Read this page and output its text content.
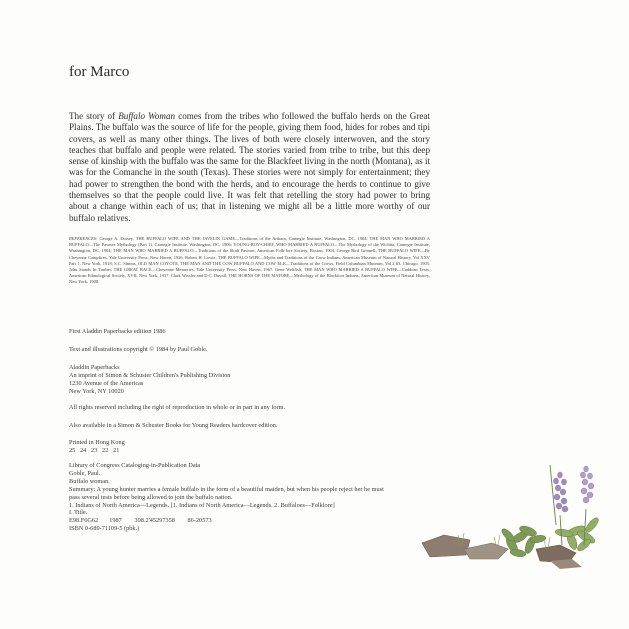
for Marco

The story of Buffalo Woman comes from the tribes who followed the buffalo herds on the Great Plains. The buffalo was the source of life for the people, giving them food, hides for robes and tipi covers, as well as many other things. The lives of both were closely interwoven, and the story teaches that buffalo and people were related. The stories varied from tribe to tribe, but this deep sense of kinship with the buffalo was the same for the Blackfeet living in the north (Montana), as it was for the Comanche in the south (Texas). These stories were not simply for entertainment; they had power to strengthen the bond with the herds, and to encourage the herds to continue to give themselves so that the people could live. It was felt that retelling the story had power to bring about a change within each of us; that in listening we might all be a little more worthy of our buffalo relatives.

REFERENCES: George A. Dorsey, THE BUFFALO WIFE AND THE JAVELIN GAME—Traditions of the Arikara, Carnegie Institute, Washington, DC, 1904; THE MAN WHO MARRIED A BUFFALO—The Pawnee Mythology (Part 1), Carnegie Institute, Washington, DC, 1906; YOUNG-BOY-CHIEF, WHO MARRIED A BUFFALO—The Mythology of the Wichita, Carnegie Institute, Washington, DC, 1904; THE MAN WHO MARRIED A BUFFALO—Traditions of the Skidi Pawnee, American Folk-lore Society, Boston, 1904. George Bird Grinnell, THE BUFFALO WIFE—By Cheyenne Campfires, Yale University Press, New Haven, 1926. Robert H. Lowie, THE BUFFALO WIFE—Myths and Traditions of the Crow Indians, American Museum of Natural History, Vol XXV Part 1, New York, 1918; S.C. Simms, OLD MAN COYOTE, THE MAN AND THE COW BUFFALO AND COW ELK—Traditions of the Crows, Field Columbian Museum, Vol 2 #3, Chicago, 1903. John Stands In Timber, THE GREAT RACE—Cheyenne Memories, Yale University Press, New Haven, 1967. Gene Weltfish, THE MAN WHO MARRIED A BUFFALO WIFE—Caddoan Texts, American Ethnological Society, XVII, New York, 1937. Clark Wissler and D.C. Duvall, THE HORNS OF THE MATORE—Mythology of the Blackfoot Indians, American Museum of Natural History, New York, 1908.

First Aladdin Paperbacks edition 1986
Text and illustrations copyright © 1984 by Paul Goble.
Aladdin Paperbacks
An imprint of Simon & Schuster Children's Publishing Division
1230 Avenue of the Americas
New York, NY 10020
All rights reserved including the right of reproduction in whole or in part in any form.
Also available in a Simon & Schuster Books for Young Readers hardcover edition.
Printed in Hong Kong
25   24   23   22   21
Library of Congress Cataloging-in-Publication Data
Goble, Paul.
Buffalo woman.
Summary: A young hunter marries a female buffalo in the form of a beautiful maiden, but when his people reject her he must pass several tests before being allowed to join the buffalo nation.
1. Indians of North America—Legends. [1. Indians of North America—Legends. 2. Buffaloes—Folklore]
I. Title.
E98.F6G62       1987        398.2'45297358        86-20573
ISBN 0-689-71109-5 (pbk.)
